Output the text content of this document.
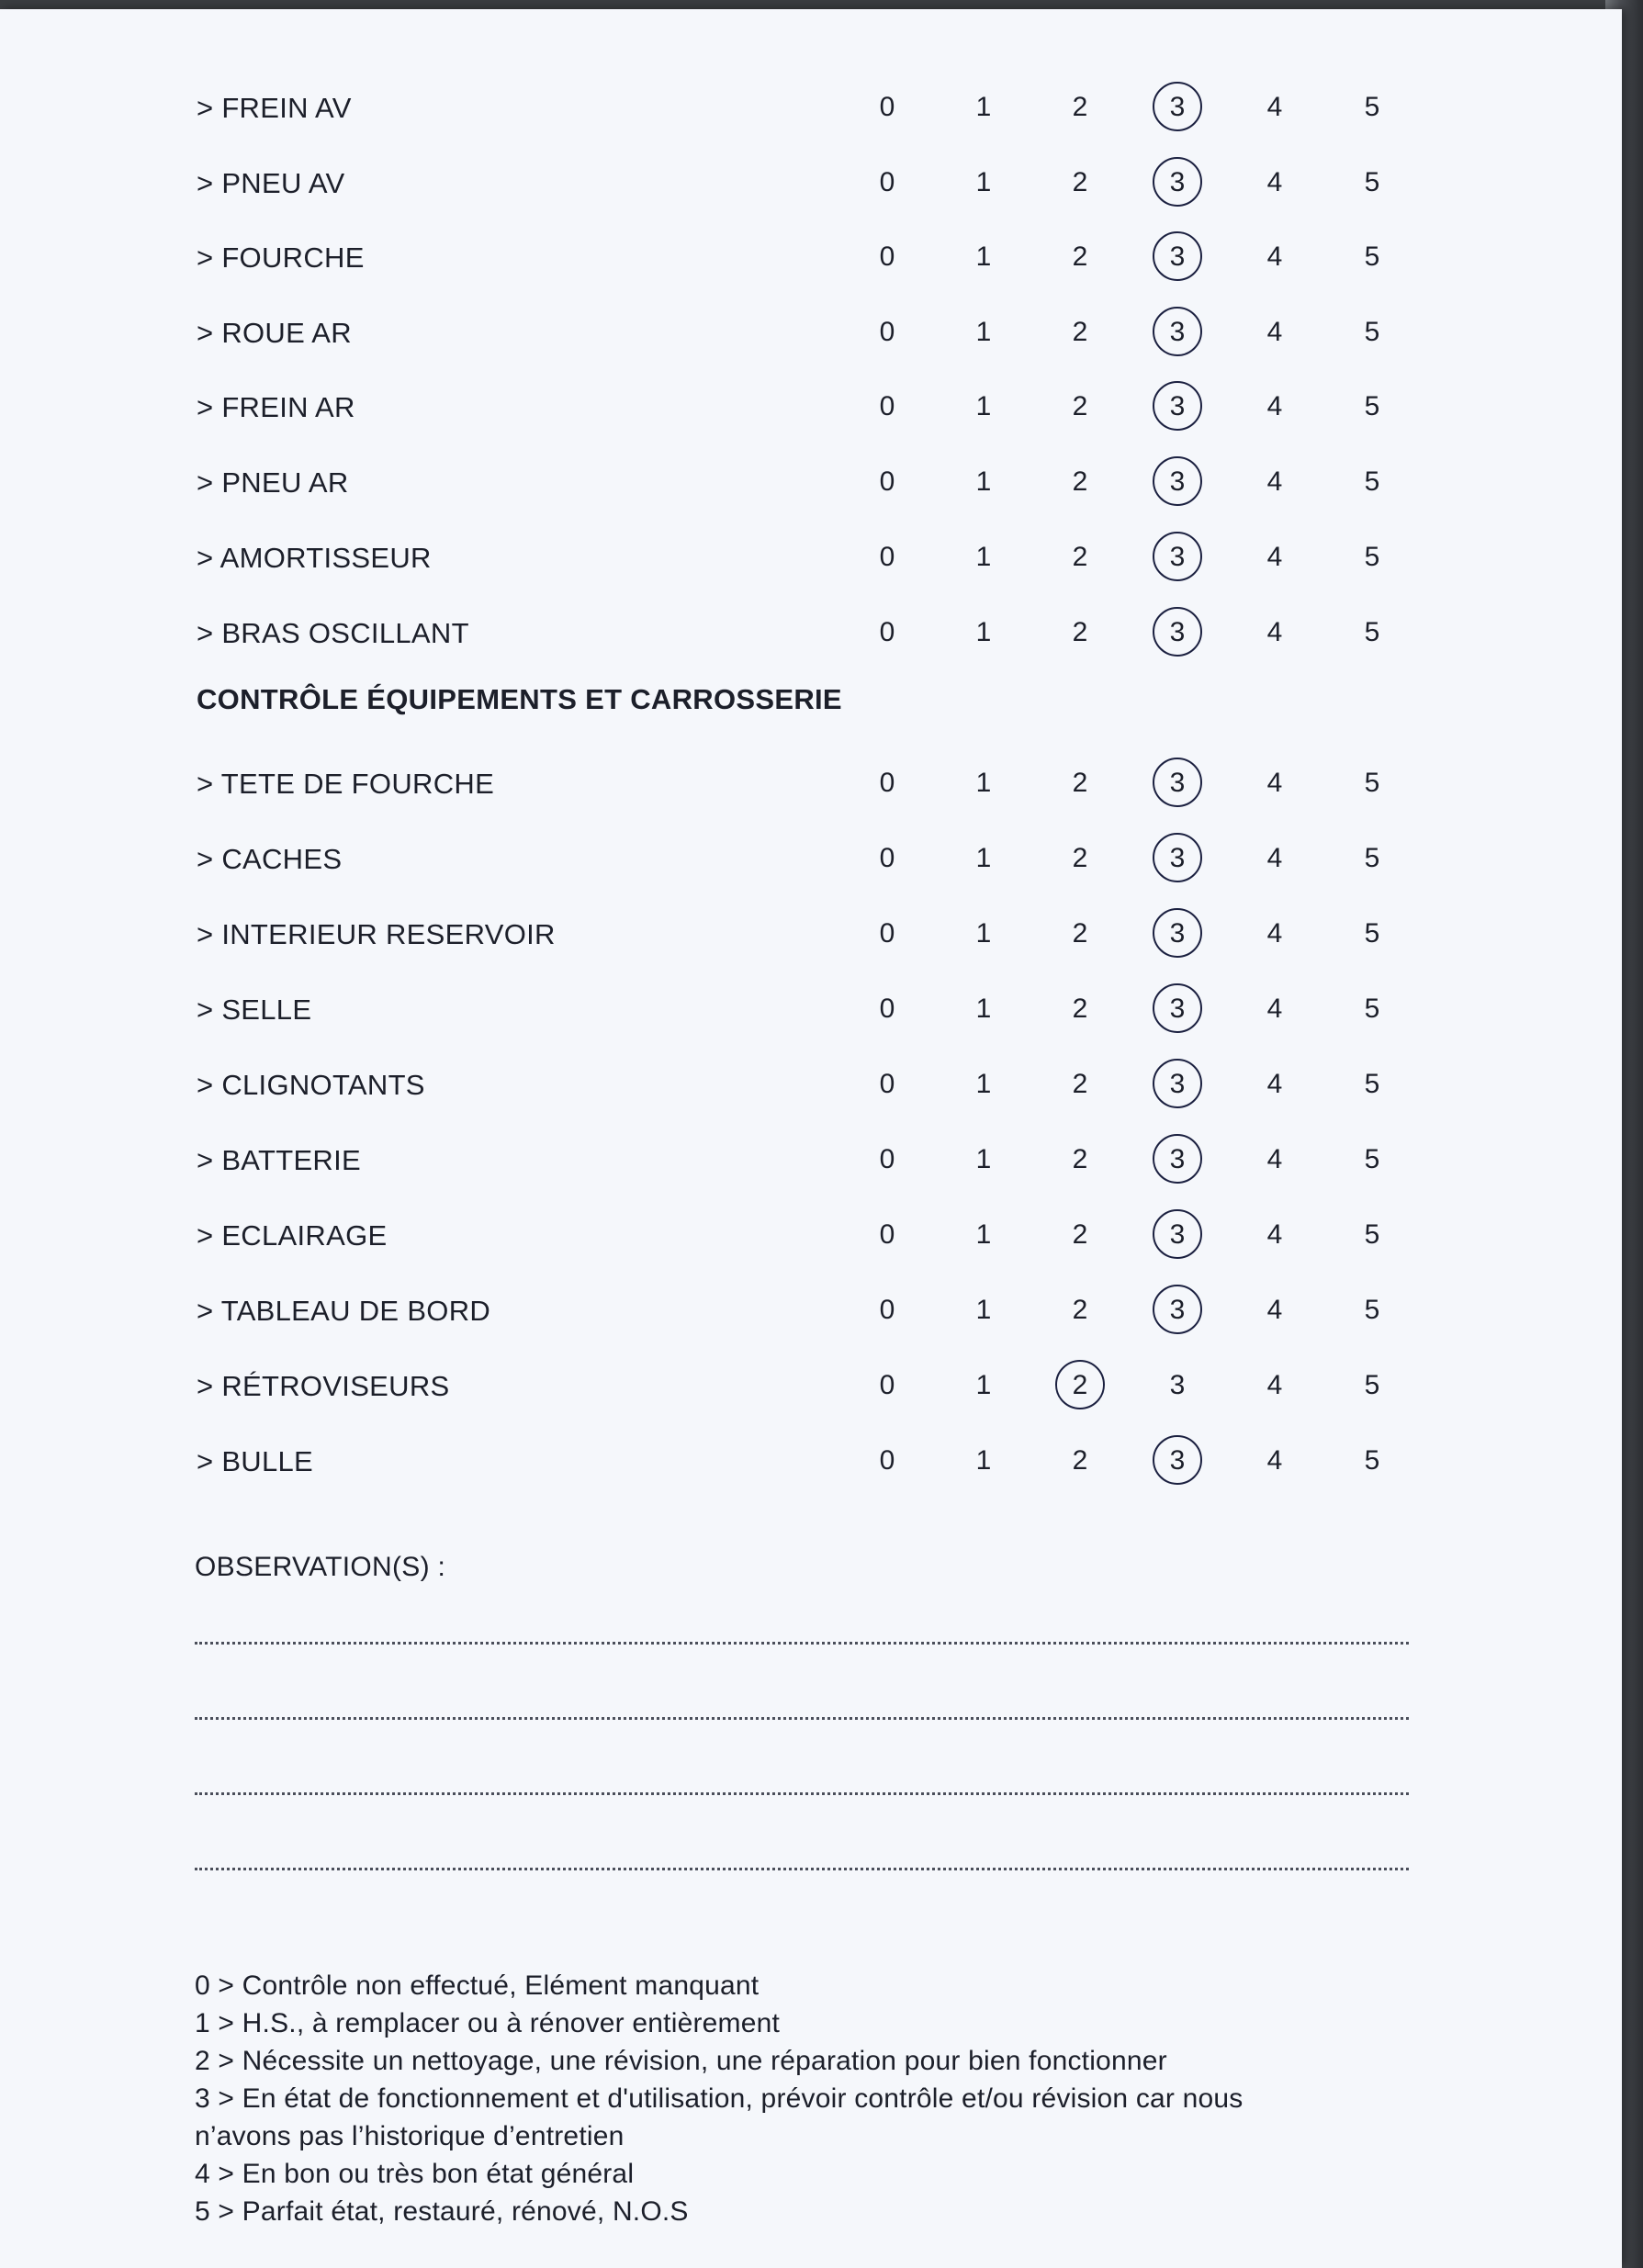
> FREIN AV	0	1	2	3	4	5
> PNEU AV	0	1	2	3	4	5
> FOURCHE	0	1	2	3	4	5
> ROUE AR	0	1	2	3	4	5
> FREIN AR	0	1	2	3	4	5
> PNEU AR	0	1	2	3	4	5
> AMORTISSEUR	0	1	2	3	4	5
> BRAS OSCILLANT	0	1	2	3	4	5
> TETE DE FOURCHE	0	1	2	3	4	5
> CACHES	0	1	2	3	4	5
> INTERIEUR RESERVOIR	0	1	2	3	4	5
> SELLE	0	1	2	3	4	5
> CLIGNOTANTS	0	1	2	3	4	5
> BATTERIE	0	1	2	3	4	5
> ECLAIRAGE	0	1	2	3	4	5
> TABLEAU DE BORD	0	1	2	3	4	5
> RÉTROVISEURS	0	1	2	3	4	5
> BULLE	0	1	2	3	4	5
CONTRÔLE ÉQUIPEMENTS ET CARROSSERIE
OBSERVATION(S) :
0 > Contrôle non effectué, Elément manquant
1 > H.S., à remplacer ou à rénover entièrement
2 > Nécessite un nettoyage, une révision, une réparation pour bien fonctionner
3 > En état de fonctionnement et d'utilisation, prévoir contrôle et/ou révision car nous
n’avons pas l’historique d’entretien
4 > En bon ou très bon état général
5 > Parfait état, restauré, rénové, N.O.S
